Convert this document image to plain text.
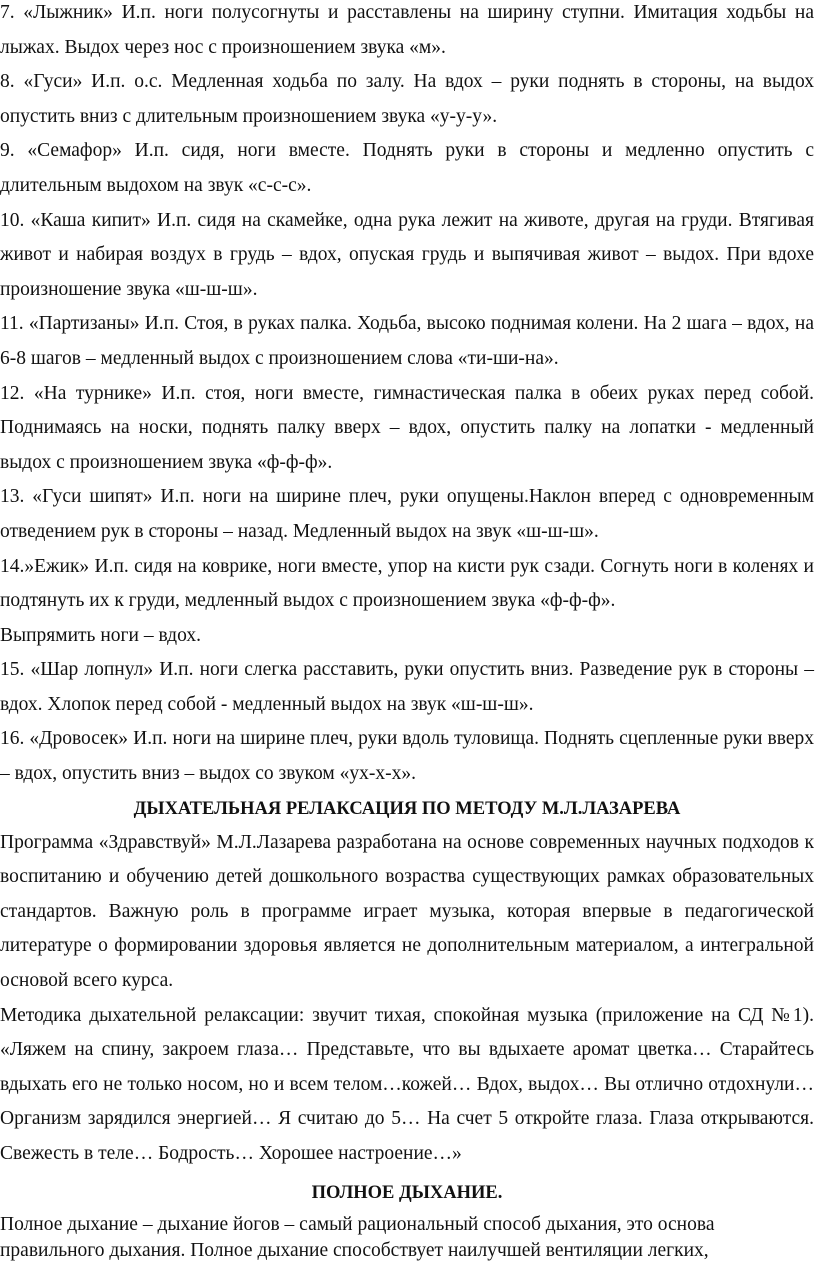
7. «Лыжник» И.п. ноги полусогнуты и расставлены на ширину ступни. Имитация ходьбы на лыжах. Выдох через нос с произношением звука «м».

8. «Гуси» И.п. о.с. Медленная ходьба по залу. На вдох – руки поднять в стороны, на выдох опустить вниз с длительным произношением звука «у-у-у».

9. «Семафор» И.п. сидя, ноги вместе. Поднять руки в стороны и медленно опустить с длительным выдохом на звук «с-с-с».

10. «Каша кипит» И.п. сидя на скамейке, одна рука лежит на животе, другая на груди. Втягивая живот и набирая воздух в грудь – вдох, опуская грудь и выпячивая живот – выдох. При вдохе произношение звука «ш-ш-ш».

11. «Партизаны» И.п. Стоя, в руках палка. Ходьба, высоко поднимая колени. На 2 шага – вдох, на 6-8 шагов – медленный выдох с произношением слова «ти-ши-на».

12. «На турнике» И.п. стоя, ноги вместе, гимнастическая палка в обеих руках перед собой. Поднимаясь на носки, поднять палку вверх – вдох, опустить палку на лопатки - медленный выдох с произношением звука «ф-ф-ф».

13. «Гуси шипят» И.п. ноги на ширине плеч, руки опущены.Наклон вперед с одновременным отведением рук в стороны – назад. Медленный выдох на звук «ш-ш-ш».

14.»Ежик» И.п. сидя на коврике, ноги вместе, упор на кисти рук сзади. Согнуть ноги в коленях и подтянуть их к груди, медленный выдох с произношением звука «ф-ф-ф».

Выпрямить ноги – вдох.

15. «Шар лопнул» И.п. ноги слегка расставить, руки опустить вниз. Разведение рук в стороны – вдох. Хлопок перед собой - медленный выдох на звук «ш-ш-ш».

16. «Дровосек» И.п. ноги на ширине плеч, руки вдоль туловища. Поднять сцепленные руки вверх – вдох, опустить вниз – выдох со звуком «ух-х-х».

ДЫХАТЕЛЬНАЯ РЕЛАКСАЦИЯ ПО МЕТОДУ М.Л.ЛАЗАРЕВА

Программа «Здравствуй» М.Л.Лазарева разработана на основе современных научных подходов к воспитанию и обучению детей дошкольного возраства существующих рамках образовательных стандартов. Важную роль в программе играет музыка, которая впервые в педагогической литературе о формировании здоровья является не дополнительным материалом, а интегральной основой всего курса.

Методика дыхательной релаксации: звучит тихая, спокойная музыка (приложение на СД №1). «Ляжем на спину, закроем глаза… Представьте, что вы вдыхаете аромат цветка… Старайтесь вдыхать его не только носом, но и всем телом…кожей… Вдох, выдох… Вы отлично отдохнули… Организм зарядился энергией… Я считаю до 5… На счет 5 откройте глаза. Глаза открываются. Свежесть в теле… Бодрость… Хорошее настроение…»

ПОЛНОЕ ДЫХАНИЕ.

Полное дыхание – дыхание йогов – самый рациональный способ дыхания, это основа

правильного дыхания. Полное дыхание способствует наилучшей вентиляции легких,
